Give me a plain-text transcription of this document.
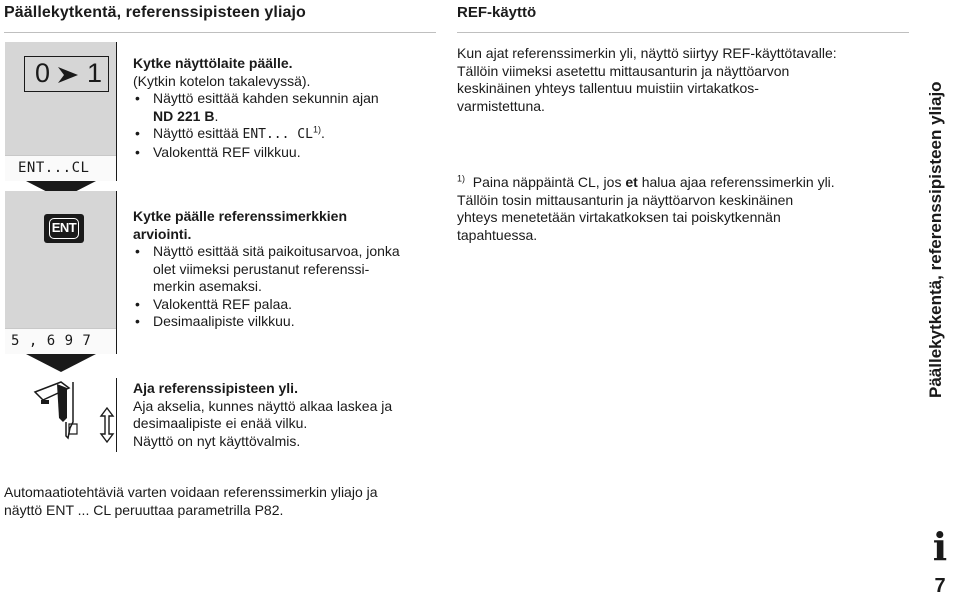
Päällekytkentä, referenssipisteen yliajo	REF-käyttö
0 1
ENT...CL
ENT
5 , 6 9 7
Kytke näyttölaite päälle.
(Kytkin kotelon takalevyssä).
• Näyttö esittää kahden sekunnin ajan
ND 221 B.
• Näyttö esittää ENT... CL$^{1)}$.
• Valokenttä REF vilkkuu.
Kytke päälle referenssimerkkien
arviointi.
• Näyttö esittää sitä paikoitusarvoa, jonka
olet viimeksi perustanut referenssi-
merkin asemaksi.
• Valokenttä REF palaa.
• Desimaalipiste vilkkuu.
Aja referenssipisteen yli.
Aja akselia, kunnes näyttö alkaa laskea ja
desimaalipiste ei enää vilku.
Näyttö on nyt käyttövalmis.
Kun ajat referenssimerkin yli, näyttö siirtyy REF-käyttötavalle:
Tällöin viimeksi asetettu mittausanturin ja näyttöarvon
keskinäinen yhteys tallentuu muistiin virtakatkos-
varmistettuna.
$^{1)}$ Paina näppäintä CL, jos et halua ajaa referenssimerkin yli.
Tällöin tosin mittausanturin ja näyttöarvon keskinäinen
yhteys menetetään virtakatkoksen tai poiskytkennän
tapahtuessa.
Automaatiotehtäviä varten voidaan referenssimerkin yliajo ja
näyttö ENT ... CL peruuttaa parametrilla P82.
Päällekytkentä, referenssipisteen yliajo
i
7
